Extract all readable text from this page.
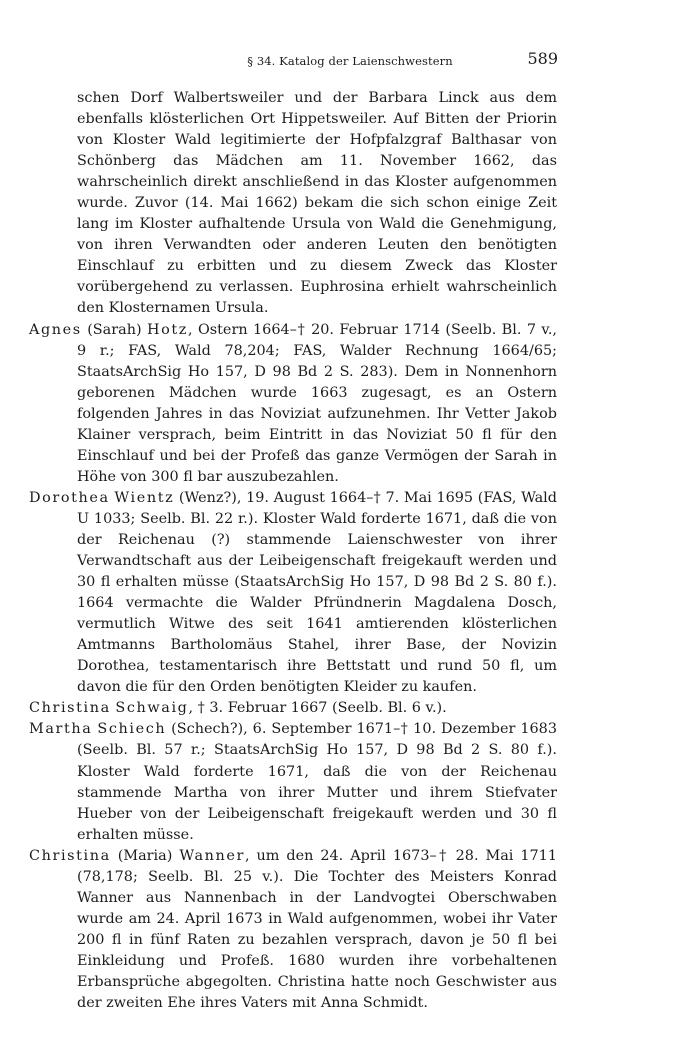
§ 34. Katalog der Laienschwestern	589

schen Dorf Walbertsweiler und der Barbara Linck aus dem ebenfalls klösterlichen Ort Hippetsweiler. Auf Bitten der Priorin von Kloster Wald legitimierte der Hofpfalzgraf Balthasar von Schönberg das Mädchen am 11. November 1662, das wahrscheinlich direkt anschließend in das Kloster aufgenommen wurde. Zuvor (14. Mai 1662) bekam die sich schon einige Zeit lang im Kloster aufhaltende Ursula von Wald die Genehmigung, von ihren Verwandten oder anderen Leuten den benötigten Einschlauf zu erbitten und zu diesem Zweck das Kloster vorübergehend zu verlassen. Euphrosina erhielt wahrscheinlich den Klosternamen Ursula.

Agnes (Sarah) Hotz, Ostern 1664–† 20. Februar 1714 (Seelb. Bl. 7 v., 9 r.; FAS, Wald 78,204; FAS, Walder Rechnung 1664/65; StaatsArchSig Ho 157, D 98 Bd 2 S. 283). Dem in Nonnenhorn geborenen Mädchen wurde 1663 zugesagt, es an Ostern folgenden Jahres in das Noviziat aufzunehmen. Ihr Vetter Jakob Klainer versprach, beim Eintritt in das Noviziat 50 fl für den Einschlauf und bei der Profeß das ganze Vermögen der Sarah in Höhe von 300 fl bar auszubezahlen.

Dorothea Wientz (Wenz?), 19. August 1664–† 7. Mai 1695 (FAS, Wald U 1033; Seelb. Bl. 22 r.). Kloster Wald forderte 1671, daß die von der Reichenau (?) stammende Laienschwester von ihrer Verwandtschaft aus der Leibeigenschaft freigekauft werden und 30 fl erhalten müsse (StaatsArchSig Ho 157, D 98 Bd 2 S. 80 f.). 1664 vermachte die Walder Pfründnerin Magdalena Dosch, vermutlich Witwe des seit 1641 amtierenden klösterlichen Amtmanns Bartholomäus Stahel, ihrer Base, der Novizin Dorothea, testamentarisch ihre Bettstatt und rund 50 fl, um davon die für den Orden benötigten Kleider zu kaufen.

Christina Schwaig, † 3. Februar 1667 (Seelb. Bl. 6 v.).

Martha Schiech (Schech?), 6. September 1671–† 10. Dezember 1683 (Seelb. Bl. 57 r.; StaatsArchSig Ho 157, D 98 Bd 2 S. 80 f.). Kloster Wald forderte 1671, daß die von der Reichenau stammende Martha von ihrer Mutter und ihrem Stiefvater Hueber von der Leibeigenschaft freigekauft werden und 30 fl erhalten müsse.

Christina (Maria) Wanner, um den 24. April 1673–† 28. Mai 1711 (78,178; Seelb. Bl. 25 v.). Die Tochter des Meisters Konrad Wanner aus Nannenbach in der Landvogtei Oberschwaben wurde am 24. April 1673 in Wald aufgenommen, wobei ihr Vater 200 fl in fünf Raten zu bezahlen versprach, davon je 50 fl bei Einkleidung und Profeß. 1680 wurden ihre vorbehaltenen Erbansprüche abgegolten. Christina hatte noch Geschwister aus der zweiten Ehe ihres Vaters mit Anna Schmidt.
